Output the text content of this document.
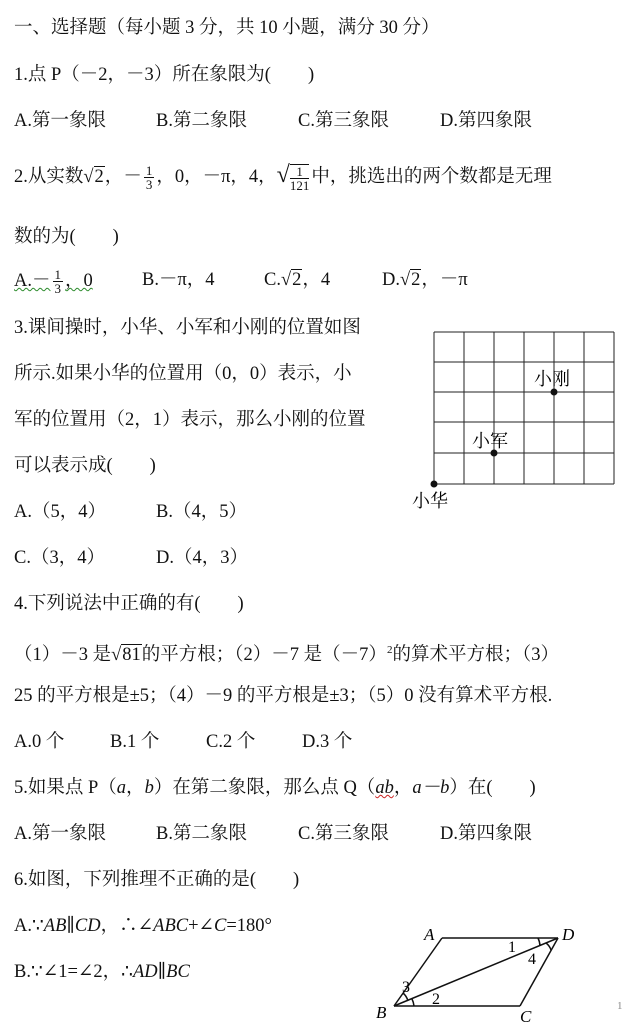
一、选择题（每小题 3 分，共 10 小题，满分 30 分）
1.点 P（－2，－3）所在象限为(　　)
A.第一象限	B.第二象限	C.第三象限	D.第四象限
2.从实数√2，－ $\frac{1}{3}$ ，0，－π，4，√ $\frac{1}{121}$ 中，挑选出的两个数都是无理
数的为(　　)
$A.- \frac{1}{3}$ ，0	B.－π，4	C.√2，4	D.√2，－π
3.课间操时，小华、小军和小刚的位置如图
所示.如果小华的位置用（0，0）表示，小
军的位置用（2，1）表示，那么小刚的位置
可以表示成(　　)
A.（5，4）	B.（4，5）
C.（3，4）	D.（4，3）
小华
小军
小刚
4.下列说法中正确的有(　　)
（1）－3 是√81的平方根；（2）－7 是$(-7)^2$的算术平方根；（3）
25 的平方根是±5；（4）－9 的平方根是±3；（5）0 没有算术平方根.
A.0 个 B.1 个	C.2 个	D.3 个
5.如果点 P（a，b）在第二象限，那么点 Q（ab，a－b）在(　　)
A.第一象限	B.第二象限	C.第三象限	D.第四象限
6.如图，下列推理不正确的是(　　)
A.∵AB∥CD，∴∠ABC+∠C=180°
B.∵∠1=∠2，∴AD∥BC
A	D
B	C
1
4
3
2	1
